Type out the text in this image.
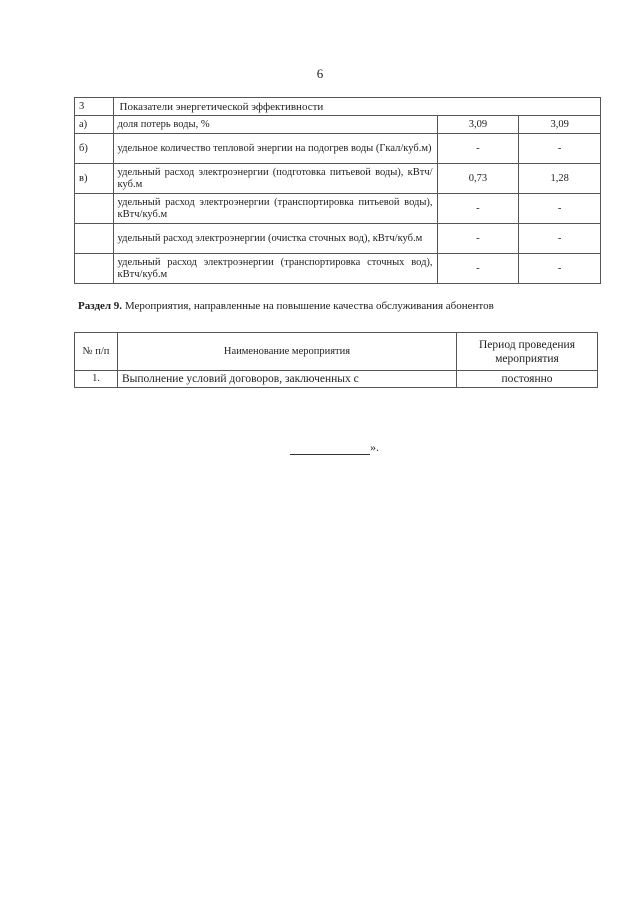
6
3	Показатели энергетической эффективности		
а)	доля потерь воды, %	3,09	3,09
б)	удельное количество тепловой энергии на подогрев воды (Гкал/куб.м)	-	-
в)	удельный расход электроэнергии (подготовка питьевой воды), кВтч/куб.м	0,73	1,28
	удельный расход электроэнергии (транспортировка питьевой воды), кВтч/куб.м	-	-
	удельный расход электроэнергии (очистка сточных вод), кВтч/куб.м	-	-
	удельный расход электроэнергии (транспортировка сточных вод), кВтч/куб.м	-	-
Раздел 9. Мероприятия, направленные на повышение качества обслуживания абонентов
№ п/п	Наименование мероприятия	Период проведения мероприятия
1.	Выполнение условий договоров, заключенных с	постоянно
».
